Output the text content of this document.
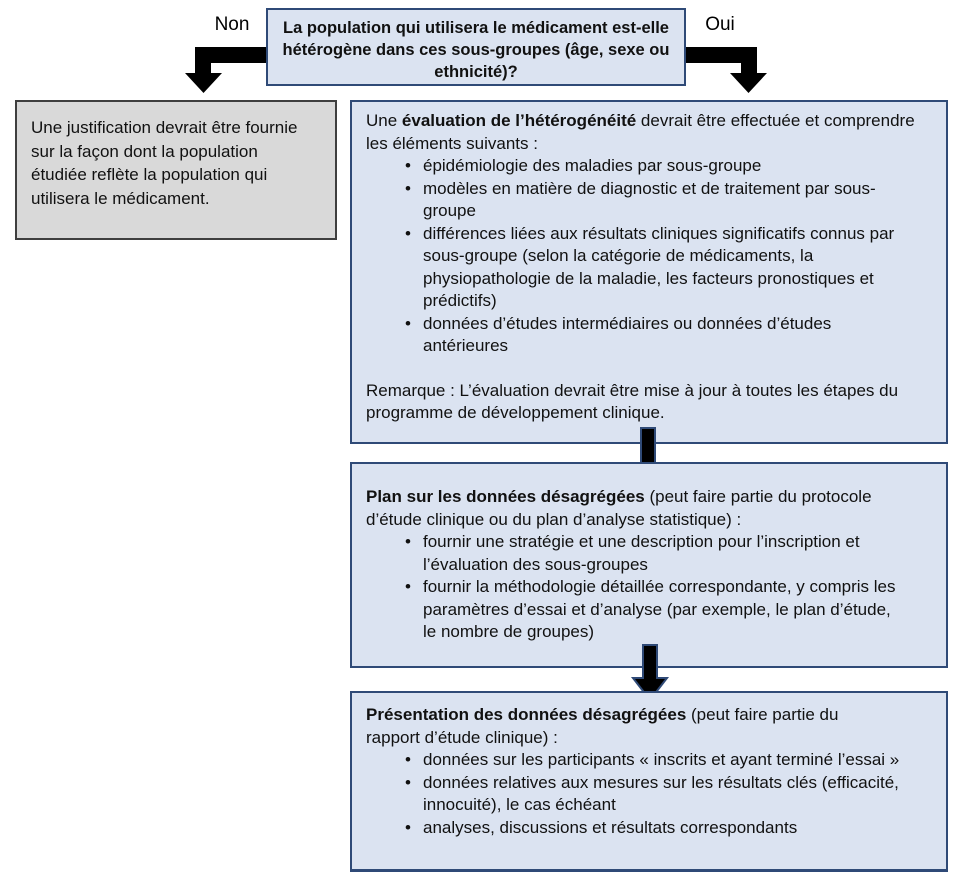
Non	Oui
La population qui utilisera le médicament est-elle hétérogène dans ces sous-groupes (âge, sexe ou ethnicité)?
Une justification devrait être fournie sur la façon dont la population étudiée reflète la population qui utilisera le médicament.

Une évaluation de l’hétérogénéité devrait être effectuée et comprendre les éléments suivants :

• épidémiologie des maladies par sous-groupe
• modèles en matière de diagnostic et de traitement par sous-groupe
• différences liées aux résultats cliniques significatifs connus par sous-groupe (selon la catégorie de médicaments, la physiopathologie de la maladie, les facteurs pronostiques et prédictifs)
• données d’études intermédiaires ou données d’études antérieures

Remarque : L’évaluation devrait être mise à jour à toutes les étapes du programme de développement clinique.

Plan sur les données désagrégées (peut faire partie du protocole d’étude clinique ou du plan d’analyse statistique) :

• fournir une stratégie et une description pour l’inscription et l’évaluation des sous-groupes
• fournir la méthodologie détaillée correspondante, y compris les paramètres d’essai et d’analyse (par exemple, le plan d’étude, le nombre de groupes)

Présentation des données désagrégées (peut faire partie du rapport d’étude clinique) :

• données sur les participants « inscrits et ayant terminé l’essai »
• données relatives aux mesures sur les résultats clés (efficacité, innocuité), le cas échéant
• analyses, discussions et résultats correspondants
